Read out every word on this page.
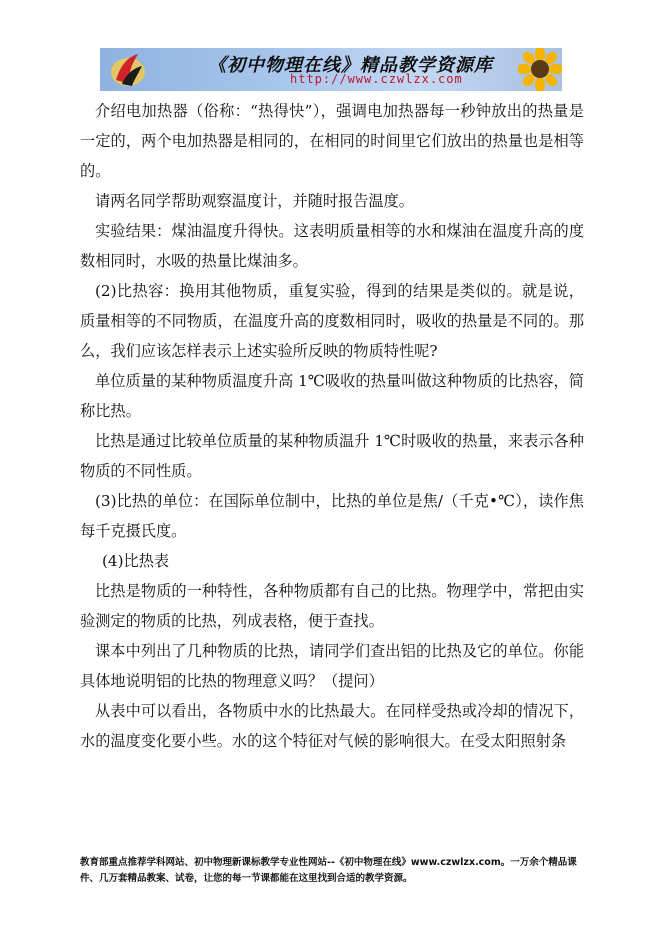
《初中物理在线》精品教学资源库
http://www.czwlzx.com

介绍电加热器（俗称：“热得快”），强调电加热器每一秒钟放出的热量是一定的，两个电加热器是相同的，在相同的时间里它们放出的热量也是相等的。

请两名同学帮助观察温度计，并随时报告温度。

实验结果：煤油温度升得快。这表明质量相等的水和煤油在温度升高的度数相同时，水吸的热量比煤油多。

(2)比热容：换用其他物质，重复实验，得到的结果是类似的。就是说，质量相等的不同物质，在温度升高的度数相同时，吸收的热量是不同的。那么，我们应该怎样表示上述实验所反映的物质特性呢?

单位质量的某种物质温度升高 1℃吸收的热量叫做这种物质的比热容，简称比热。

比热是通过比较单位质量的某种物质温升 1℃时吸收的热量，来表示各种物质的不同性质。

(3)比热的单位：在国际单位制中，比热的单位是焦/（千克•℃），读作焦每千克摄氏度。

(4)比热表

比热是物质的一种特性，各种物质都有自己的比热。物理学中，常把由实验测定的物质的比热，列成表格，便于查找。

课本中列出了几种物质的比热，请同学们查出铝的比热及它的单位。你能具体地说明铝的比热的物理意义吗？（提问）

从表中可以看出，各物质中水的比热最大。在同样受热或冷却的情况下，水的温度变化要小些。水的这个特征对气候的影响很大。在受太阳照射条

教育部重点推荐学科网站、初中物理新课标教学专业性网站--《初中物理在线》www.czwlzx.com。一万余个精品课件、几万套精品教案、试卷，让您的每一节课都能在这里找到合适的教学资源。
